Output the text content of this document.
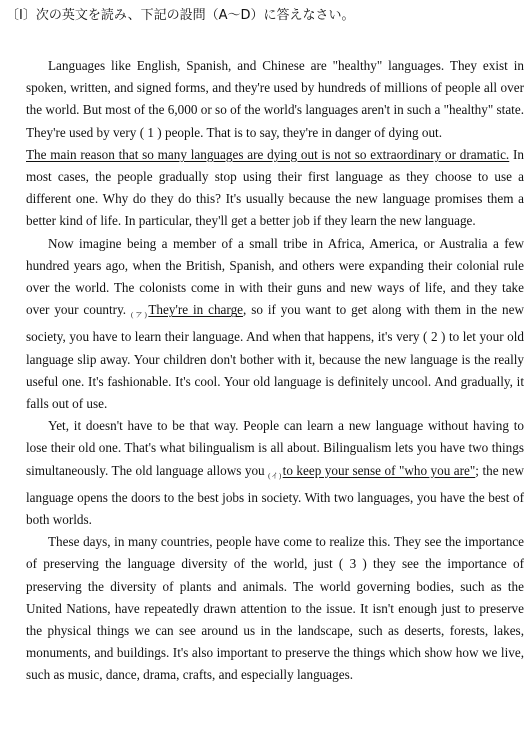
〔Ⅰ〕次の英文を読み、下記の設問（A～D）に答えなさい。

Languages like English, Spanish, and Chinese are "healthy" languages. They exist in spoken, written, and signed forms, and they're used by hundreds of millions of people all over the world. But most of the 6,000 or so of the world's languages aren't in such a "healthy" state. They're used by very ( 1 ) people. That is to say, they're in danger of dying out.

The main reason that so many languages are dying out is not so extraordinary or dramatic. In most cases, the people gradually stop using their first language as they choose to use a different one. Why do they do this? It's usually because the new language promises them a better kind of life. In particular, they'll get a better job if they learn the new language.

Now imagine being a member of a small tribe in Africa, America, or Australia a few hundred years ago, when the British, Spanish, and others were expanding their colonial rule over the world. The colonists come in with their guns and new ways of life, and they take over your country. $_{(ア)}$They're in charge, so if you want to get along with them in the new society, you have to learn their language. And when that happens, it's very ( 2 ) to let your old language slip away. Your children don't bother with it, because the new language is the really useful one. It's fashionable. It's cool. Your old language is definitely uncool. And gradually, it falls out of use.

Yet, it doesn't have to be that way. People can learn a new language without having to lose their old one. That's what bilingualism is all about. Bilingualism lets you have two things simultaneously. The old language allows you $_{(イ)}$to keep your sense of "who you are"; the new language opens the doors to the best jobs in society. With two languages, you have the best of both worlds.

These days, in many countries, people have come to realize this. They see the importance of preserving the language diversity of the world, just ( 3 ) they see the importance of preserving the diversity of plants and animals. The world governing bodies, such as the United Nations, have repeatedly drawn attention to the issue. It isn't enough just to preserve the physical things we can see around us in the landscape, such as deserts, forests, lakes, monuments, and buildings. It's also important to preserve the things which show how we live, such as music, dance, drama, crafts, and especially languages.
